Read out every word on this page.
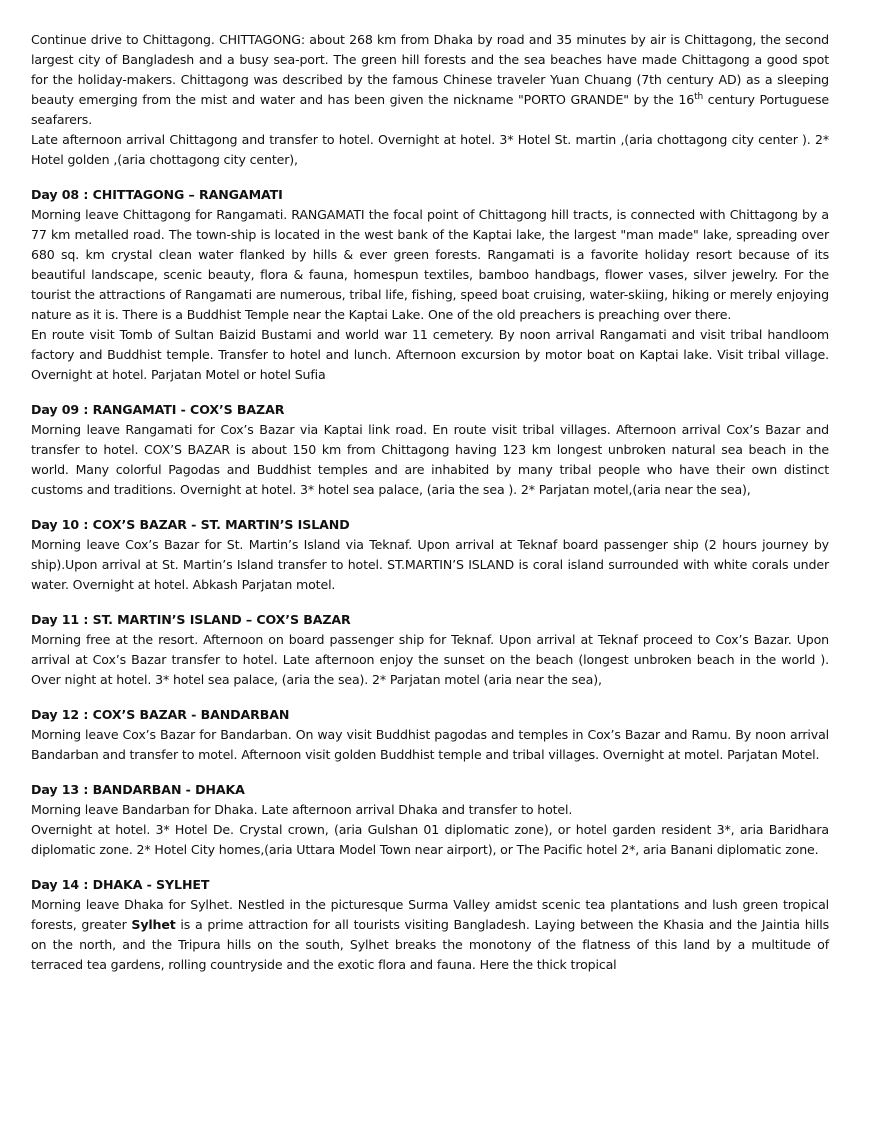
Continue drive to Chittagong. CHITTAGONG: about 268 km from Dhaka by road and 35 minutes by air is Chittagong, the second largest city of Bangladesh and a busy sea-port. The green hill forests and the sea beaches have made Chittagong a good spot for the holiday-makers. Chittagong was described by the famous Chinese traveler Yuan Chuang (7th century AD) as a sleeping beauty emerging from the mist and water and has been given the nickname "PORTO GRANDE" by the 16th century Portuguese seafarers.

Late afternoon arrival Chittagong and transfer to hotel. Overnight at hotel. 3* Hotel St. martin ,(aria chottagong city center ). 2* Hotel golden ,(aria chottagong city center),

Day 08 : CHITTAGONG – RANGAMATI

Morning leave Chittagong for Rangamati. RANGAMATI the focal point of Chittagong hill tracts, is connected with Chittagong by a 77 km metalled road. The town-ship is located in the west bank of the Kaptai lake, the largest "man made" lake, spreading over 680 sq. km crystal clean water flanked by hills & ever green forests. Rangamati is a favorite holiday resort because of its beautiful landscape, scenic beauty, flora & fauna, homespun textiles, bamboo handbags, flower vases, silver jewelry. For the tourist the attractions of Rangamati are numerous, tribal life, fishing, speed boat cruising, water-skiing, hiking or merely enjoying nature as it is. There is a Buddhist Temple near the Kaptai Lake. One of the old preachers is preaching over there.

En route visit Tomb of Sultan Baizid Bustami and world war 11 cemetery. By noon arrival Rangamati and visit tribal handloom factory and Buddhist temple. Transfer to hotel and lunch. Afternoon excursion by motor boat on Kaptai lake. Visit tribal village. Overnight at hotel. Parjatan Motel or hotel Sufia

Day 09 : RANGAMATI - COX’S BAZAR

Morning leave Rangamati for Cox’s Bazar via Kaptai link road. En route visit tribal villages. Afternoon arrival Cox’s Bazar and transfer to hotel. COX’S BAZAR is about 150 km from Chittagong having 123 km longest unbroken natural sea beach in the world. Many colorful Pagodas and Buddhist temples and are inhabited by many tribal people who have their own distinct customs and traditions. Overnight at hotel. 3* hotel sea palace, (aria the sea ). 2* Parjatan motel,(aria near the sea),

Day 10 : COX’S BAZAR - ST. MARTIN’S ISLAND

Morning leave Cox’s Bazar for St. Martin’s Island via Teknaf. Upon arrival at Teknaf board passenger ship (2 hours journey by ship).Upon arrival at St. Martin’s Island transfer to hotel. ST.MARTIN’S ISLAND is coral island surrounded with white corals under water. Overnight at hotel. Abkash Parjatan motel.

Day 11 : ST. MARTIN’S ISLAND – COX’S BAZAR

Morning free at the resort. Afternoon on board passenger ship for Teknaf. Upon arrival at Teknaf proceed to Cox’s Bazar. Upon arrival at Cox’s Bazar transfer to hotel. Late afternoon enjoy the sunset on the beach (longest unbroken beach in the world ). Over night at hotel. 3* hotel sea palace, (aria the sea). 2* Parjatan motel (aria near the sea),

Day 12 : COX’S BAZAR - BANDARBAN

Morning leave Cox’s Bazar for Bandarban. On way visit Buddhist pagodas and temples in Cox’s Bazar and Ramu. By noon arrival Bandarban and transfer to motel. Afternoon visit golden Buddhist temple and tribal villages. Overnight at motel. Parjatan Motel.

Day 13 : BANDARBAN - DHAKA

Morning leave Bandarban for Dhaka. Late afternoon arrival Dhaka and transfer to hotel.

Overnight at hotel. 3* Hotel De. Crystal crown, (aria Gulshan 01 diplomatic zone), or hotel garden resident 3*, aria Baridhara diplomatic zone. 2* Hotel City homes,(aria Uttara Model Town near airport), or The Pacific hotel 2*, aria Banani diplomatic zone.

Day 14 : DHAKA - SYLHET

Morning leave Dhaka for Sylhet. Nestled in the picturesque Surma Valley amidst scenic tea plantations and lush green tropical forests, greater Sylhet is a prime attraction for all tourists visiting Bangladesh. Laying between the Khasia and the Jaintia hills on the north, and the Tripura hills on the south, Sylhet breaks the monotony of the flatness of this land by a multitude of terraced tea gardens, rolling countryside and the exotic flora and fauna. Here the thick tropical
